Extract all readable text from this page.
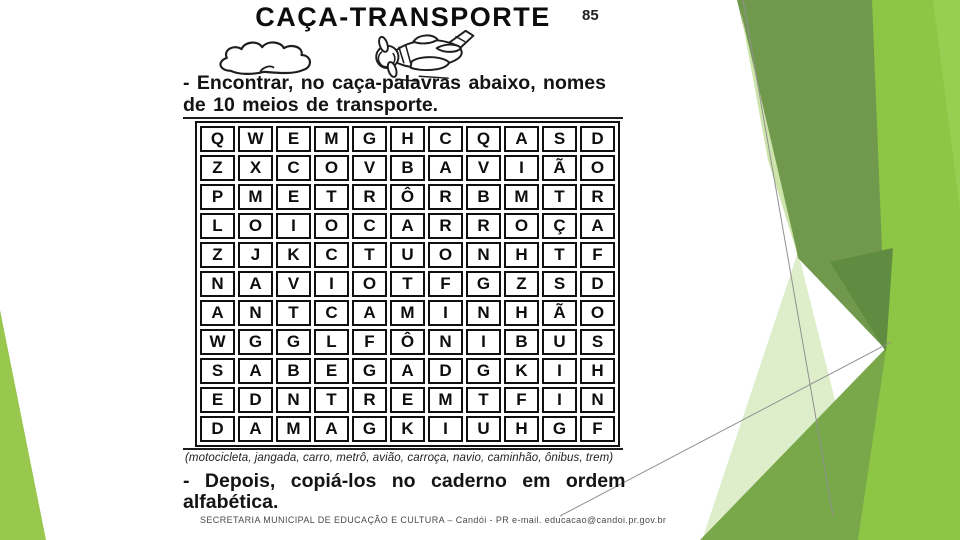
CAÇA-TRANSPORTE	85
- Encontrar, no caça-palavras abaixo, nomes
de 10 meios de transporte.
Q	W	E	M	G	H	C	Q	A	S	D
Z	X	C	O	V	B	A	V	I	Ã	O
P	M	E	T	R	Ô	R	B	M	T	R
L	O	I	O	C	A	R	R	O	Ç	A
Z	J	K	C	T	U	O	N	H	T	F
N	A	V	I	O	T	F	G	Z	S	D
A	N	T	C	A	M	I	N	H	Ã	O
W	G	G	L	F	Ô	N	I	B	U	S
S	A	B	E	G	A	D	G	K	I	H
E	D	N	T	R	E	M	T	F	I	N
D	A	M	A	G	K	I	U	H	G	F
(motocicleta, jangada, carro, metrô, avião, carroça, navio, caminhão, ônibus, trem)
- Depois, copiá-los no caderno em ordem
alfabética.
SECRETARIA MUNICIPAL DE EDUCAÇÃO E CULTURA – Candói - PR e-mail. educacao@candoi.pr.gov.br
